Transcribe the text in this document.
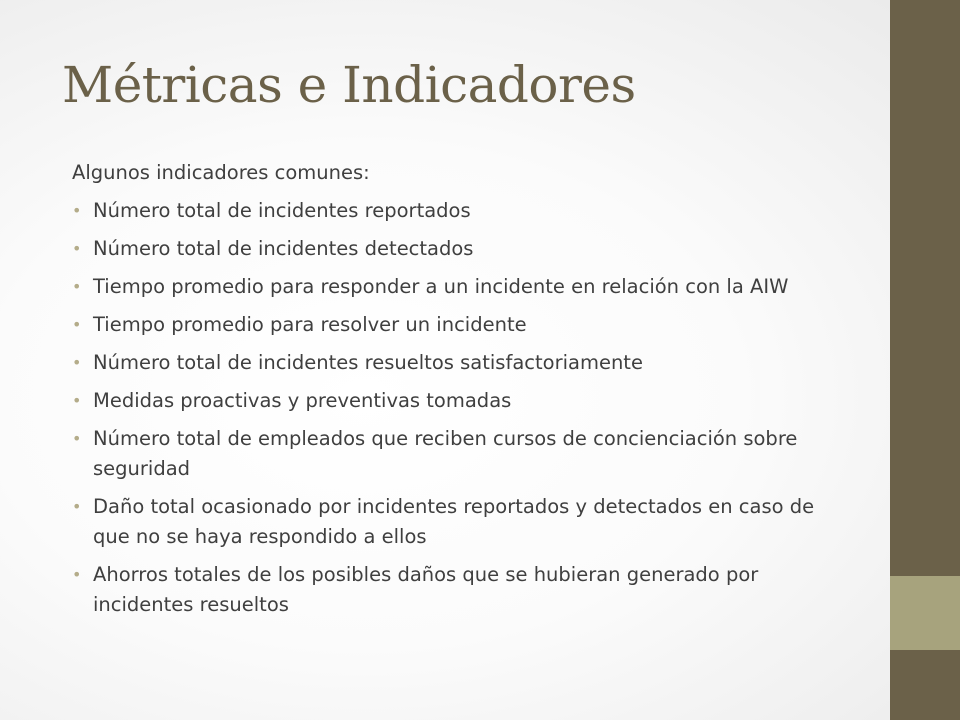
Métricas e Indicadores

Algunos indicadores comunes:

• Número total de incidentes reportados
• Número total de incidentes detectados
• Tiempo promedio para responder a un incidente en relación con la AIW
• Tiempo promedio para resolver un incidente
• Número total de incidentes resueltos satisfactoriamente
• Medidas proactivas y preventivas tomadas
• Número total de empleados que reciben cursos de concienciación sobre seguridad
• Daño total ocasionado por incidentes reportados y detectados en caso de que no se haya respondido a ellos
• Ahorros totales de los posibles daños que se hubieran generado por incidentes resueltos
